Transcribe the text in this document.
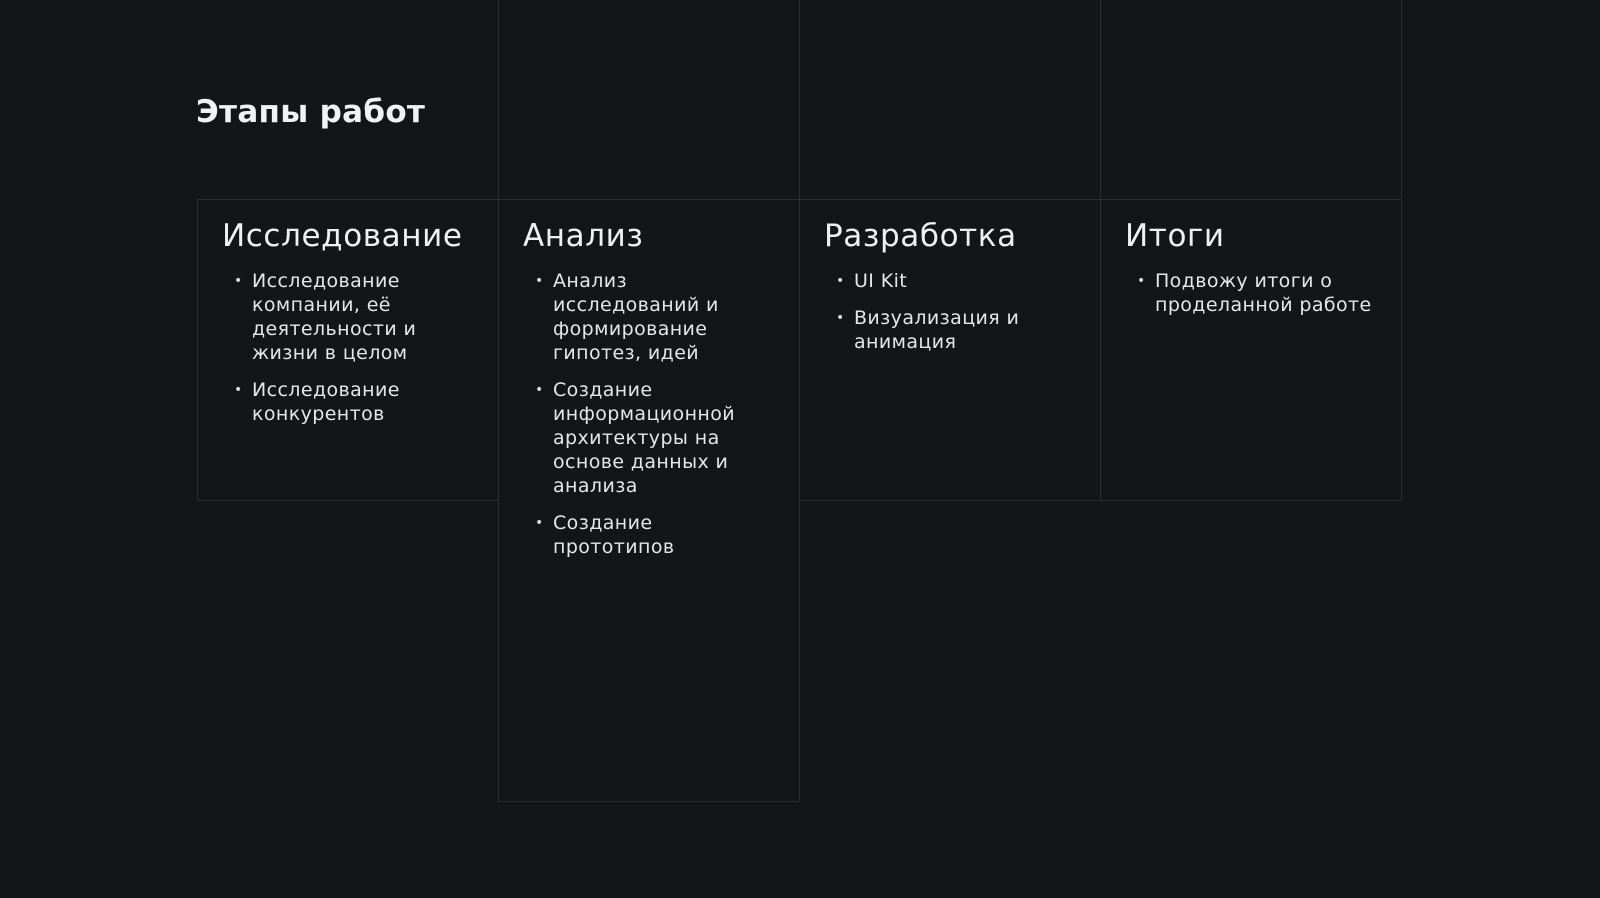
Этапы работ
Исследование
• Исследование компании, её деятельности и жизни в целом
• Исследование конкурентов
Анализ
• Анализ исследований и формирование гипотез, идей
• Создание информационной архитектуры на основе данных и анализа
• Создание прототипов
Разработка
• UI Kit
• Визуализация и анимация
Итоги
• Подвожу итоги о проделанной работе
